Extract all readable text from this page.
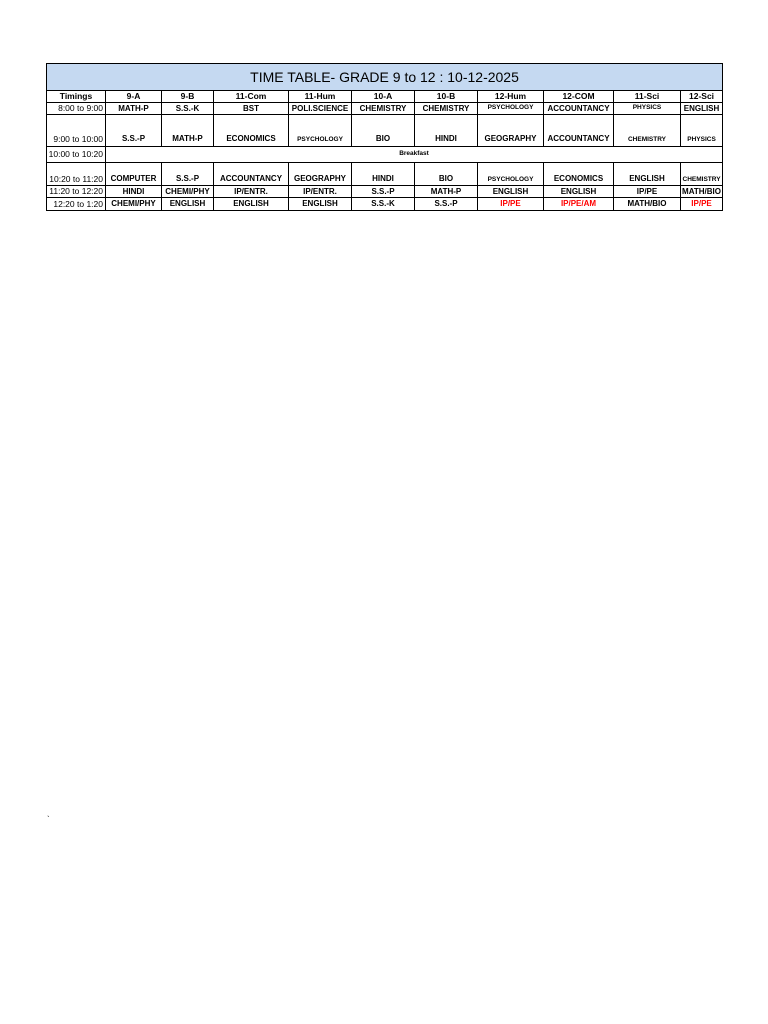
TIME TABLE- GRADE 9 to 12 : 10-12-2025										
Timings	9-A	9-B	11-Com	11-Hum	10-A	10-B	12-Hum	12-COM	11-Sci	12-Sci
8:00 to 9:00	MATH-P	S.S.-K	BST	POLI.SCIENCE	CHEMISTRY	CHEMISTRY	PSYCHOLOGY	ACCOUNTANCY	PHYSICS	ENGLISH
9:00 to 10:00	S.S.-P	MATH-P	ECONOMICS	PSYCHOLOGY	BIO	HINDI	GEOGRAPHY	ACCOUNTANCY	CHEMISTRY	PHYSICS
10:00 to 10:20	Breakfast									
10:20 to 11:20	COMPUTER	S.S.-P	ACCOUNTANCY	GEOGRAPHY	HINDI	BIO	PSYCHOLOGY	ECONOMICS	ENGLISH	CHEMISTRY
11:20 to 12:20	HINDI	CHEMI/PHY	IP/ENTR.	IP/ENTR.	S.S.-P	MATH-P	ENGLISH	ENGLISH	IP/PE	MATH/BIO
12:20 to 1:20	CHEMI/PHY	ENGLISH	ENGLISH	ENGLISH	S.S.-K	S.S.-P	IP/PE	IP/PE/AM	MATH/BIO	IP/PE
`
